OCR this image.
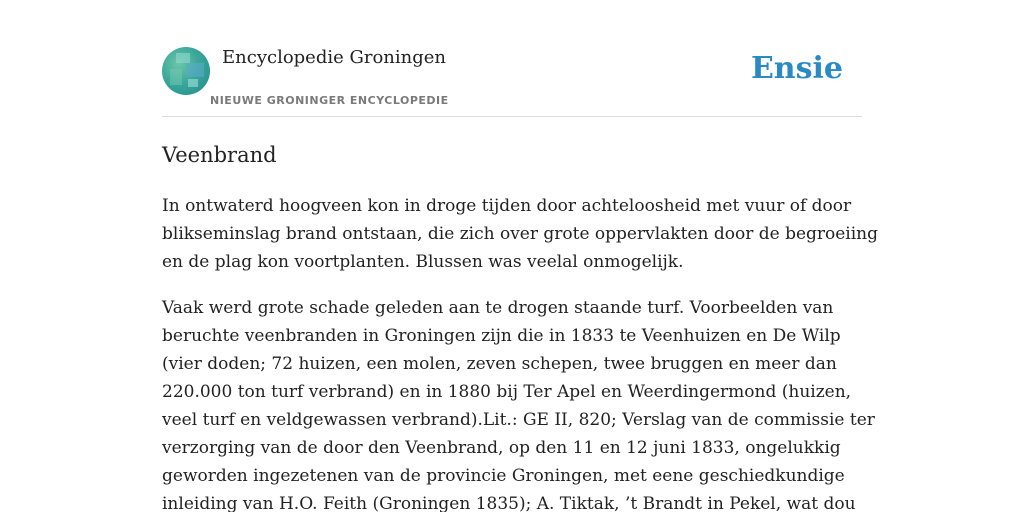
Encyclopedie Groningen
NIEUWE GRONINGER ENCYCLOPEDIE
Ensie
Veenbrand

In ontwaterd hoogveen kon in droge tijden door achteloosheid met vuur of door
bliksеminslag brand ontstaan, die zich over grote oppervlakten door de begroeiing
en de plag kon voortplanten. Blussen was veelal onmogelijk.

Vaak werd grote schade geleden aan te drogen staande turf. Voorbeelden van
beruchte veenbranden in Groningen zijn die in 1833 te Veenhuizen en De Wilp
(vier doden; 72 huizen, een molen, zeven schepen, twee bruggen en meer dan
220.000 ton turf verbrand) en in 1880 bij Ter Apel en Weerdingermond (huizen,
veel turf en veldgewassen verbrand).Lit.: GE II, 820; Verslag van de commissie ter
verzorging van de door den Veenbrand, op den 11 en 12 juni 1833, ongelukkig
geworden ingezetenen van de provincie Groningen, met eene geschiedkundige
inleiding van H.O. Feith (Groningen 1835); A. Tiktak, ’t Brandt in Pekel, wat dou
